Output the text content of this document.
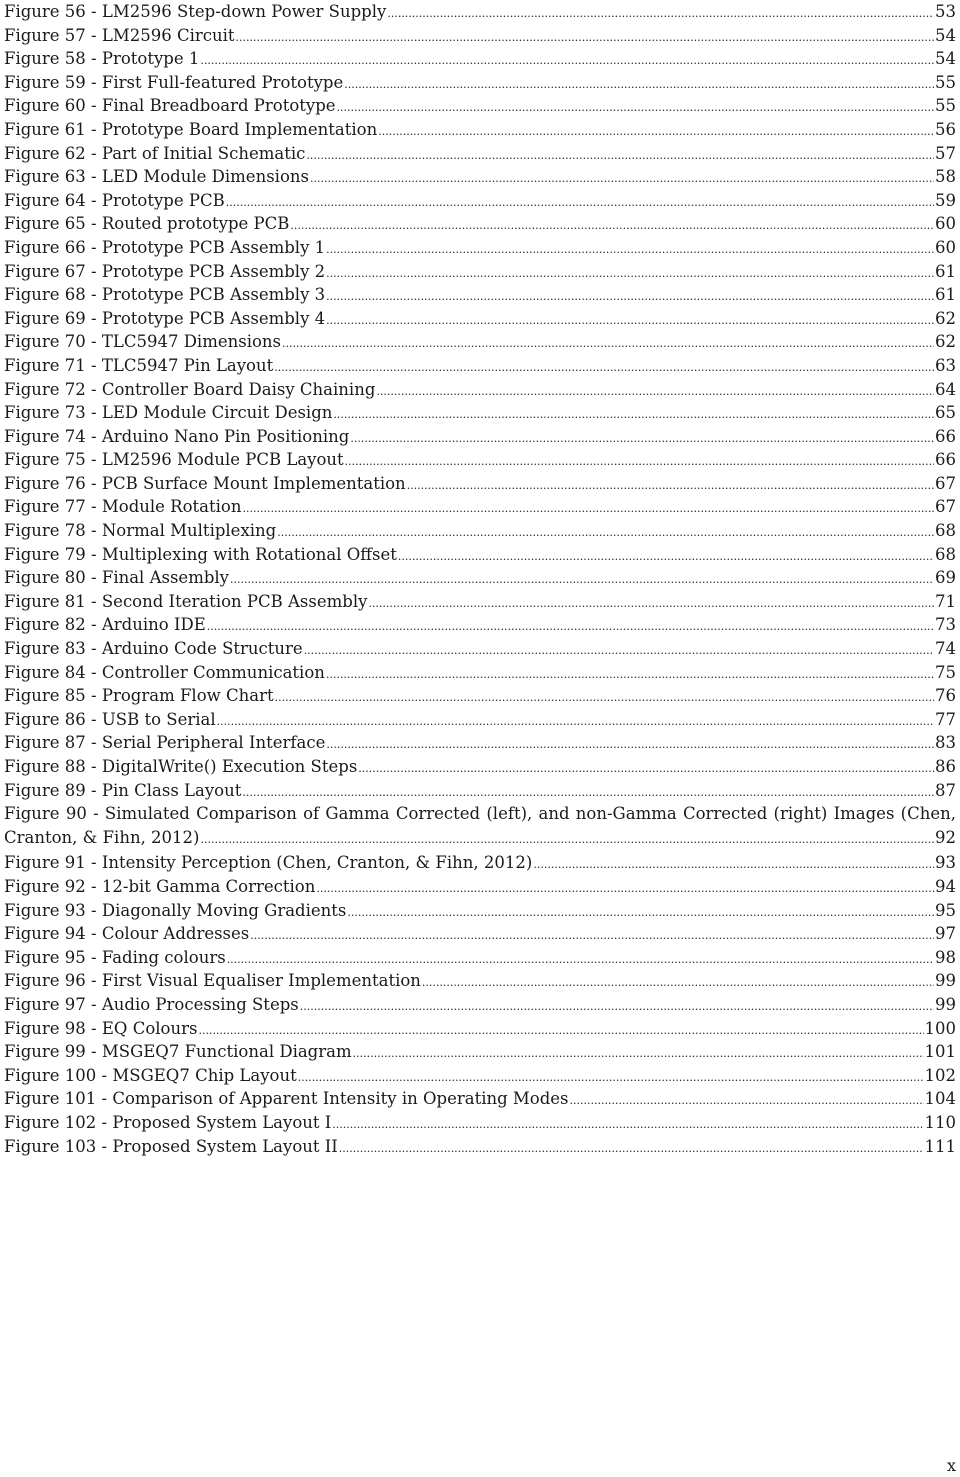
Figure 56 - LM2596 Step-down Power Supply .....	53
Figure 57 - LM2596 Circuit .....	54
Figure 58 - Prototype 1 .....	54
Figure 59 - First Full-featured Prototype .....	55
Figure 60 - Final Breadboard Prototype .....	55
Figure 61 - Prototype Board Implementation .....	56
Figure 62 - Part of Initial Schematic .....	57
Figure 63 - LED Module Dimensions .....	58
Figure 64 - Prototype PCB .....	59
Figure 65 - Routed prototype PCB .....	60
Figure 66 - Prototype PCB Assembly 1 .....	60
Figure 67 - Prototype PCB Assembly 2 .....	61
Figure 68 - Prototype PCB Assembly 3 .....	61
Figure 69 - Prototype PCB Assembly 4 .....	62
Figure 70 - TLC5947 Dimensions .....	62
Figure 71 - TLC5947 Pin Layout .....	63
Figure 72 - Controller Board Daisy Chaining .....	64
Figure 73 - LED Module Circuit Design .....	65
Figure 74 - Arduino Nano Pin Positioning .....	66
Figure 75 - LM2596 Module PCB Layout .....	66
Figure 76 - PCB Surface Mount Implementation .....	67
Figure 77 - Module Rotation .....	67
Figure 78 - Normal Multiplexing .....	68
Figure 79 - Multiplexing with Rotational Offset .....	68
Figure 80 - Final Assembly .....	69
Figure 81 - Second Iteration PCB Assembly .....	71
Figure 82 - Arduino IDE .....	73
Figure 83 - Arduino Code Structure .....	74
Figure 84 - Controller Communication .....	75
Figure 85 - Program Flow Chart .....	76
Figure 86 - USB to Serial .....	77
Figure 87 - Serial Peripheral Interface .....	83
Figure 88 - DigitalWrite() Execution Steps .....	86
Figure 89 - Pin Class Layout .....	87
Figure 90 - Simulated Comparison of Gamma Corrected (left), and non-Gamma Corrected (right) Images (Chen,
Cranton, & Fihn, 2012) .....	92
Figure 91 - Intensity Perception (Chen, Cranton, & Fihn, 2012) .....	93
Figure 92 - 12-bit Gamma Correction .....	94
Figure 93 - Diagonally Moving Gradients .....	95
Figure 94 - Colour Addresses .....	97
Figure 95 - Fading colours .....	98
Figure 96 - First Visual Equaliser Implementation .....	99
Figure 97 - Audio Processing Steps .....	99
Figure 98 - EQ Colours .....	100
Figure 99 - MSGEQ7 Functional Diagram .....	101
Figure 100 - MSGEQ7 Chip Layout .....	102
Figure 101 - Comparison of Apparent Intensity in Operating Modes .....	104
Figure 102 - Proposed System Layout I .....	110
Figure 103 - Proposed System Layout II .....	111
x
